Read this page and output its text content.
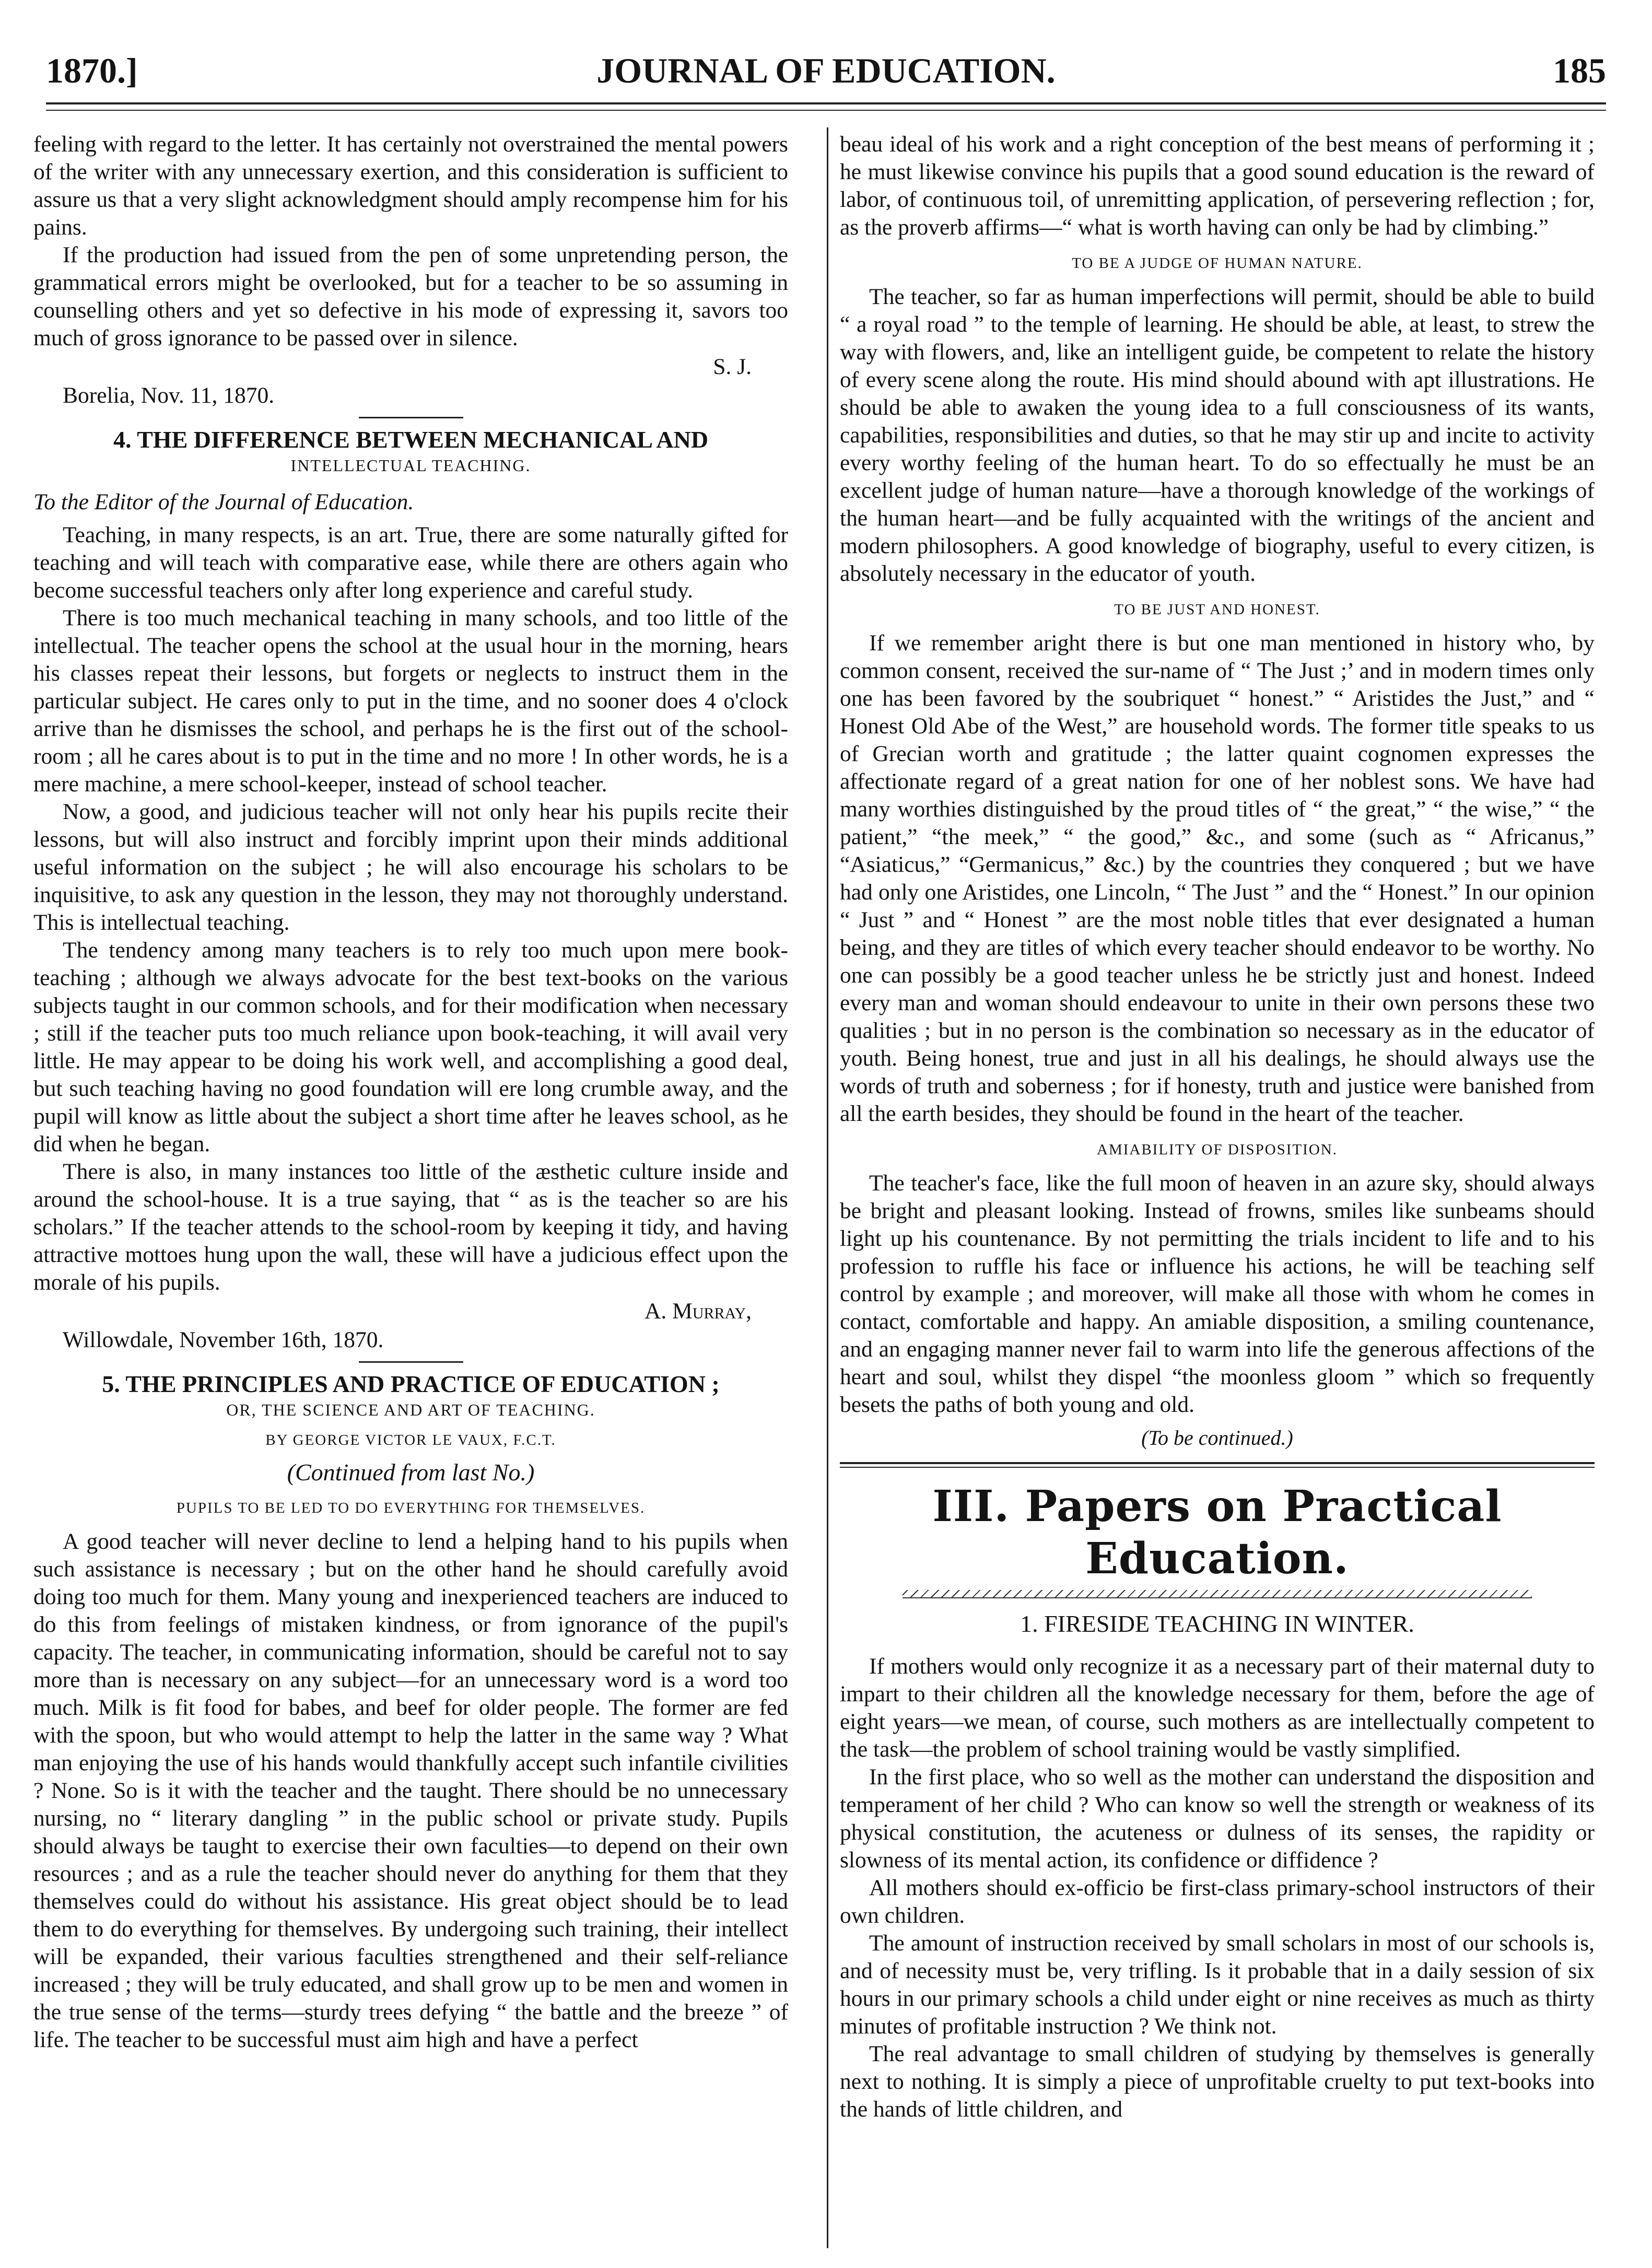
1870.]	JOURNAL OF EDUCATION.	185

feeling with regard to the letter. It has certainly not overstrained the mental powers of the writer with any unnecessary exertion, and this consideration is sufficient to assure us that a very slight acknowledgment should amply recompense him for his pains.

If the production had issued from the pen of some unpretending person, the grammatical errors might be overlooked, but for a teacher to be so assuming in counselling others and yet so defective in his mode of expressing it, savors too much of gross ignorance to be passed over in silence.

S. J.
Borelia, Nov. 11, 1870.
4. THE DIFFERENCE BETWEEN MECHANICAL AND
INTELLECTUAL TEACHING.
To the Editor of the Journal of Education.

Teaching, in many respects, is an art. True, there are some naturally gifted for teaching and will teach with comparative ease, while there are others again who become successful teachers only after long experience and careful study.

There is too much mechanical teaching in many schools, and too little of the intellectual. The teacher opens the school at the usual hour in the morning, hears his classes repeat their lessons, but forgets or neglects to instruct them in the particular subject. He cares only to put in the time, and no sooner does 4 o'clock arrive than he dismisses the school, and perhaps he is the first out of the school-room ; all he cares about is to put in the time and no more ! In other words, he is a mere machine, a mere school-keeper, instead of school teacher.

Now, a good, and judicious teacher will not only hear his pupils recite their lessons, but will also instruct and forcibly imprint upon their minds additional useful information on the subject ; he will also encourage his scholars to be inquisitive, to ask any question in the lesson, they may not thoroughly understand. This is intellectual teaching.

The tendency among many teachers is to rely too much upon mere book-teaching ; although we always advocate for the best text-books on the various subjects taught in our common schools, and for their modification when necessary ; still if the teacher puts too much reliance upon book-teaching, it will avail very little. He may appear to be doing his work well, and accomplishing a good deal, but such teaching having no good foundation will ere long crumble away, and the pupil will know as little about the subject a short time after he leaves school, as he did when he began.

There is also, in many instances too little of the æsthetic culture inside and around the school-house. It is a true saying, that “ as is the teacher so are his scholars.” If the teacher attends to the school-room by keeping it tidy, and having attractive mottoes hung upon the wall, these will have a judicious effect upon the morale of his pupils.

A. Murray,
Willowdale, November 16th, 1870.
5. THE PRINCIPLES AND PRACTICE OF EDUCATION ;
OR, THE SCIENCE AND ART OF TEACHING.
BY GEORGE VICTOR LE VAUX, F.C.T.
(Continued from last No.)
PUPILS TO BE LED TO DO EVERYTHING FOR THEMSELVES.

A good teacher will never decline to lend a helping hand to his pupils when such assistance is necessary ; but on the other hand he should carefully avoid doing too much for them. Many young and inexperienced teachers are induced to do this from feelings of mistaken kindness, or from ignorance of the pupil's capacity. The teacher, in communicating information, should be careful not to say more than is necessary on any subject—for an unnecessary word is a word too much. Milk is fit food for babes, and beef for older people. The former are fed with the spoon, but who would attempt to help the latter in the same way ? What man enjoying the use of his hands would thankfully accept such infantile civilities ? None. So is it with the teacher and the taught. There should be no unnecessary nursing, no “ literary dangling ” in the public school or private study. Pupils should always be taught to exercise their own faculties—to depend on their own resources ; and as a rule the teacher should never do anything for them that they themselves could do without his assistance. His great object should be to lead them to do everything for themselves. By undergoing such training, their intellect will be expanded, their various faculties strengthened and their self-reliance increased ; they will be truly educated, and shall grow up to be men and women in the true sense of the terms—sturdy trees defying “ the battle and the breeze ” of life. The teacher to be successful must aim high and have a perfect

beau ideal of his work and a right conception of the best means of performing it ; he must likewise convince his pupils that a good sound education is the reward of labor, of continuous toil, of unremitting application, of persevering reflection ; for, as the proverb affirms—“ what is worth having can only be had by climbing.”

TO BE A JUDGE OF HUMAN NATURE.

The teacher, so far as human imperfections will permit, should be able to build “ a royal road ” to the temple of learning. He should be able, at least, to strew the way with flowers, and, like an intelligent guide, be competent to relate the history of every scene along the route. His mind should abound with apt illustrations. He should be able to awaken the young idea to a full consciousness of its wants, capabilities, responsibilities and duties, so that he may stir up and incite to activity every worthy feeling of the human heart. To do so effectually he must be an excellent judge of human nature—have a thorough knowledge of the workings of the human heart—and be fully acquainted with the writings of the ancient and modern philosophers. A good knowledge of biography, useful to every citizen, is absolutely necessary in the educator of youth.

TO BE JUST AND HONEST.

If we remember aright there is but one man mentioned in history who, by common consent, received the sur-name of “ The Just ;’ and in modern times only one has been favored by the soubriquet “ honest.” “ Aristides the Just,” and “ Honest Old Abe of the West,” are household words. The former title speaks to us of Grecian worth and gratitude ; the latter quaint cognomen expresses the affectionate regard of a great nation for one of her noblest sons. We have had many worthies distinguished by the proud titles of “ the great,” “ the wise,” “ the patient,” “the meek,” “ the good,” &c., and some (such as “ Africanus,” “Asiaticus,” “Germanicus,” &c.) by the countries they conquered ; but we have had only one Aristides, one Lincoln, “ The Just ” and the “ Honest.” In our opinion “ Just ” and “ Honest ” are the most noble titles that ever designated a human being, and they are titles of which every teacher should endeavor to be worthy. No one can possibly be a good teacher unless he be strictly just and honest. Indeed every man and woman should endeavour to unite in their own persons these two qualities ; but in no person is the combination so necessary as in the educator of youth. Being honest, true and just in all his dealings, he should always use the words of truth and soberness ; for if honesty, truth and justice were banished from all the earth besides, they should be found in the heart of the teacher.

AMIABILITY OF DISPOSITION.

The teacher's face, like the full moon of heaven in an azure sky, should always be bright and pleasant looking. Instead of frowns, smiles like sunbeams should light up his countenance. By not permitting the trials incident to life and to his profession to ruffle his face or influence his actions, he will be teaching self control by example ; and moreover, will make all those with whom he comes in contact, comfortable and happy. An amiable disposition, a smiling countenance, and an engaging manner never fail to warm into life the generous affections of the heart and soul, whilst they dispel “the moonless gloom ” which so frequently besets the paths of both young and old.

(To be continued.)
III. Papers on Practical Education.
1. FIRESIDE TEACHING IN WINTER.

If mothers would only recognize it as a necessary part of their maternal duty to impart to their children all the knowledge necessary for them, before the age of eight years—we mean, of course, such mothers as are intellectually competent to the task—the problem of school training would be vastly simplified.

In the first place, who so well as the mother can understand the disposition and temperament of her child ? Who can know so well the strength or weakness of its physical constitution, the acuteness or dulness of its senses, the rapidity or slowness of its mental action, its confidence or diffidence ?

All mothers should ex-officio be first-class primary-school instructors of their own children.

The amount of instruction received by small scholars in most of our schools is, and of necessity must be, very trifling. Is it probable that in a daily session of six hours in our primary schools a child under eight or nine receives as much as thirty minutes of profitable instruction ? We think not.

The real advantage to small children of studying by themselves is generally next to nothing. It is simply a piece of unprofitable cruelty to put text-books into the hands of little children, and
